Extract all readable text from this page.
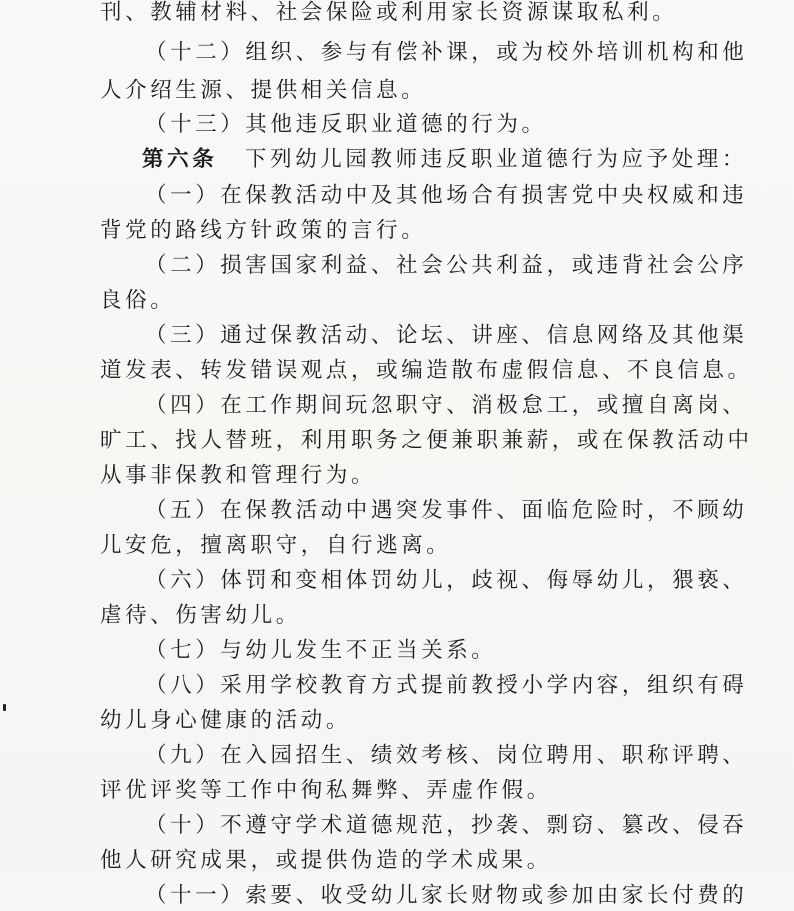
刊、教辅材料、社会保险或利用家长资源谋取私利。
（十二）组织、参与有偿补课，或为校外培训机构和他
人介绍生源、提供相关信息。
（十三）其他违反职业道德的行为。
第六条 下列幼儿园教师违反职业道德行为应予处理：
（一）在保教活动中及其他场合有损害党中央权威和违
背党的路线方针政策的言行。
（二）损害国家利益、社会公共利益，或违背社会公序
良俗。
（三）通过保教活动、论坛、讲座、信息网络及其他渠
道发表、转发错误观点，或编造散布虚假信息、不良信息。
（四）在工作期间玩忽职守、消极怠工，或擅自离岗、
旷工、找人替班，利用职务之便兼职兼薪，或在保教活动中
从事非保教和管理行为。
（五）在保教活动中遇突发事件、面临危险时，不顾幼
儿安危，擅离职守，自行逃离。
（六）体罚和变相体罚幼儿，歧视、侮辱幼儿，猥亵、
虐待、伤害幼儿。
（七）与幼儿发生不正当关系。
（八）采用学校教育方式提前教授小学内容，组织有碍
幼儿身心健康的活动。
（九）在入园招生、绩效考核、岗位聘用、职称评聘、
评优评奖等工作中徇私舞弊、弄虚作假。
（十）不遵守学术道德规范，抄袭、剽窃、篡改、侵吞
他人研究成果，或提供伪造的学术成果。
（十一）索要、收受幼儿家长财物或参加由家长付费的
